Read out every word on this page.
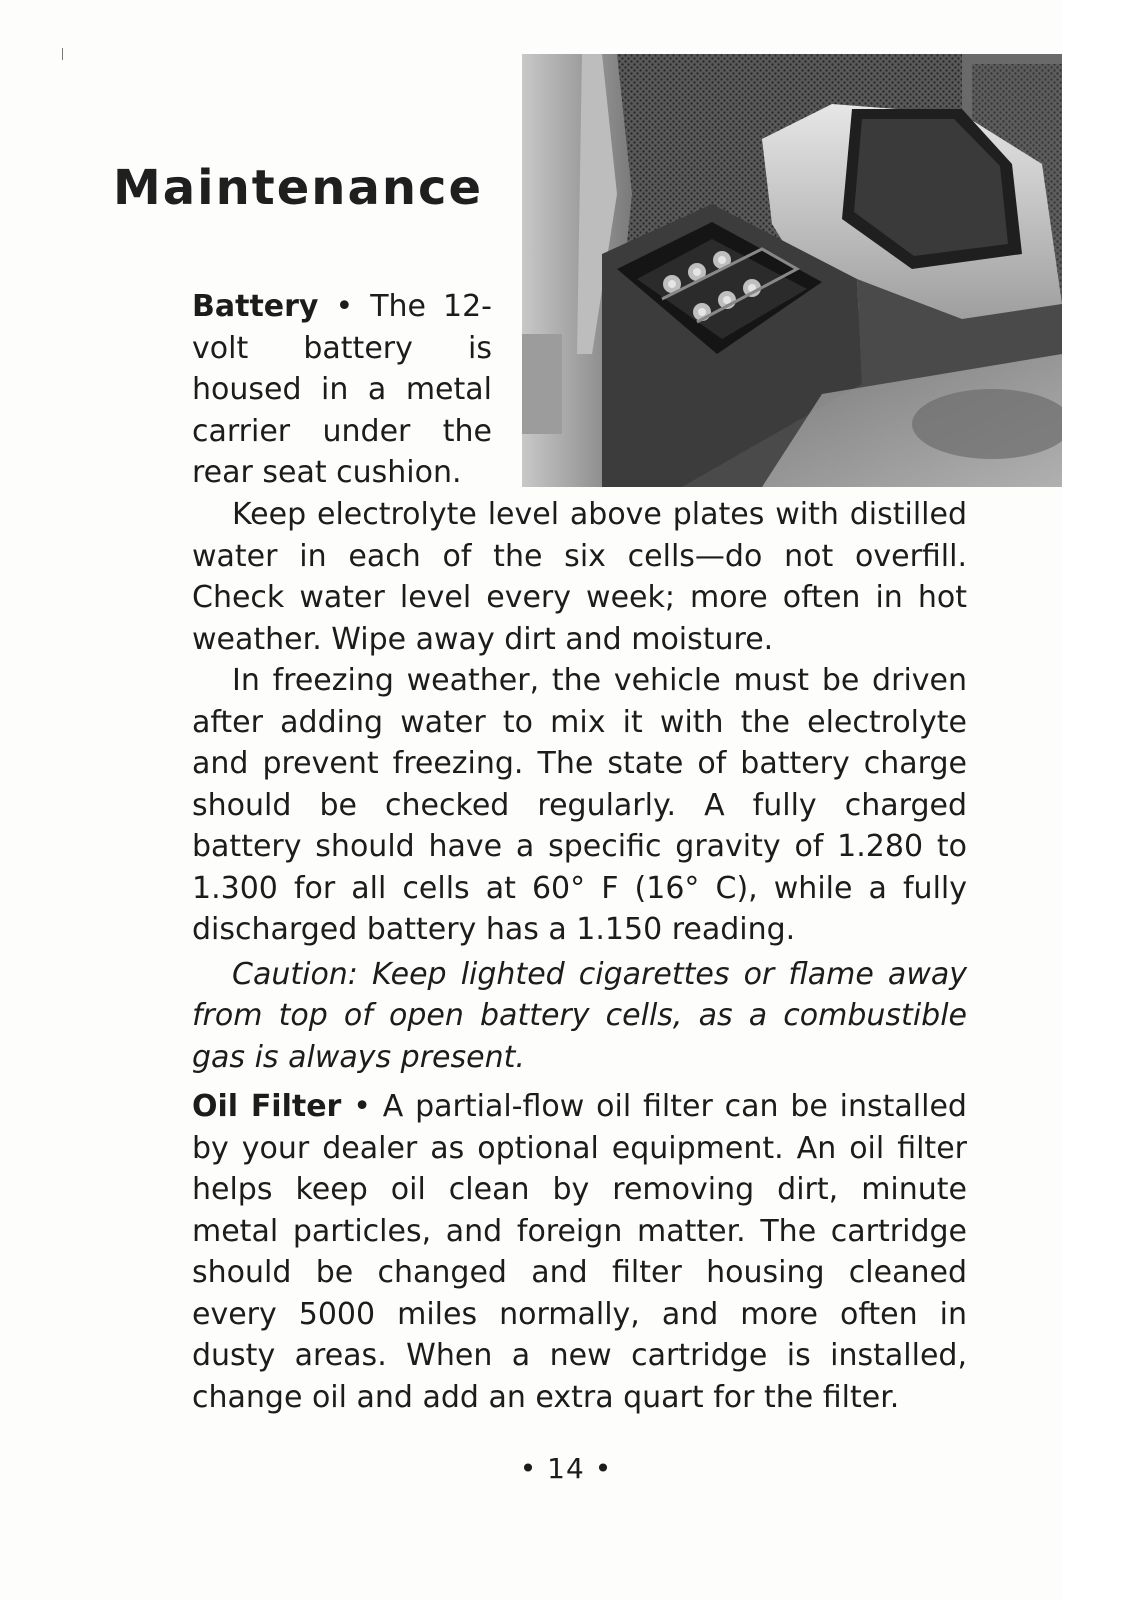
Maintenance
Battery • The 12-
volt battery is
housed in a metal
carrier under the
rear seat cushion.

Keep electrolyte level above plates with distilled water in each of the six cells—do not overfill. Check water level every week; more often in hot weather. Wipe away dirt and moisture.

In freezing weather, the vehicle must be driven after adding water to mix it with the electrolyte and prevent freezing. The state of battery charge should be checked regularly. A fully charged battery should have a specific gravity of 1.280 to 1.300 for all cells at 60° F (16° C), while a fully discharged battery has a 1.150 reading.

Caution: Keep lighted cigarettes or flame away from top of open battery cells, as a combustible gas is always present.

Oil Filter • A partial-flow oil filter can be installed by your dealer as optional equipment. An oil filter helps keep oil clean by removing dirt, minute metal particles, and foreign matter. The cartridge should be changed and filter housing cleaned every 5000 miles normally, and more often in dusty areas. When a new cartridge is installed, change oil and add an extra quart for the filter.

• 14 •
